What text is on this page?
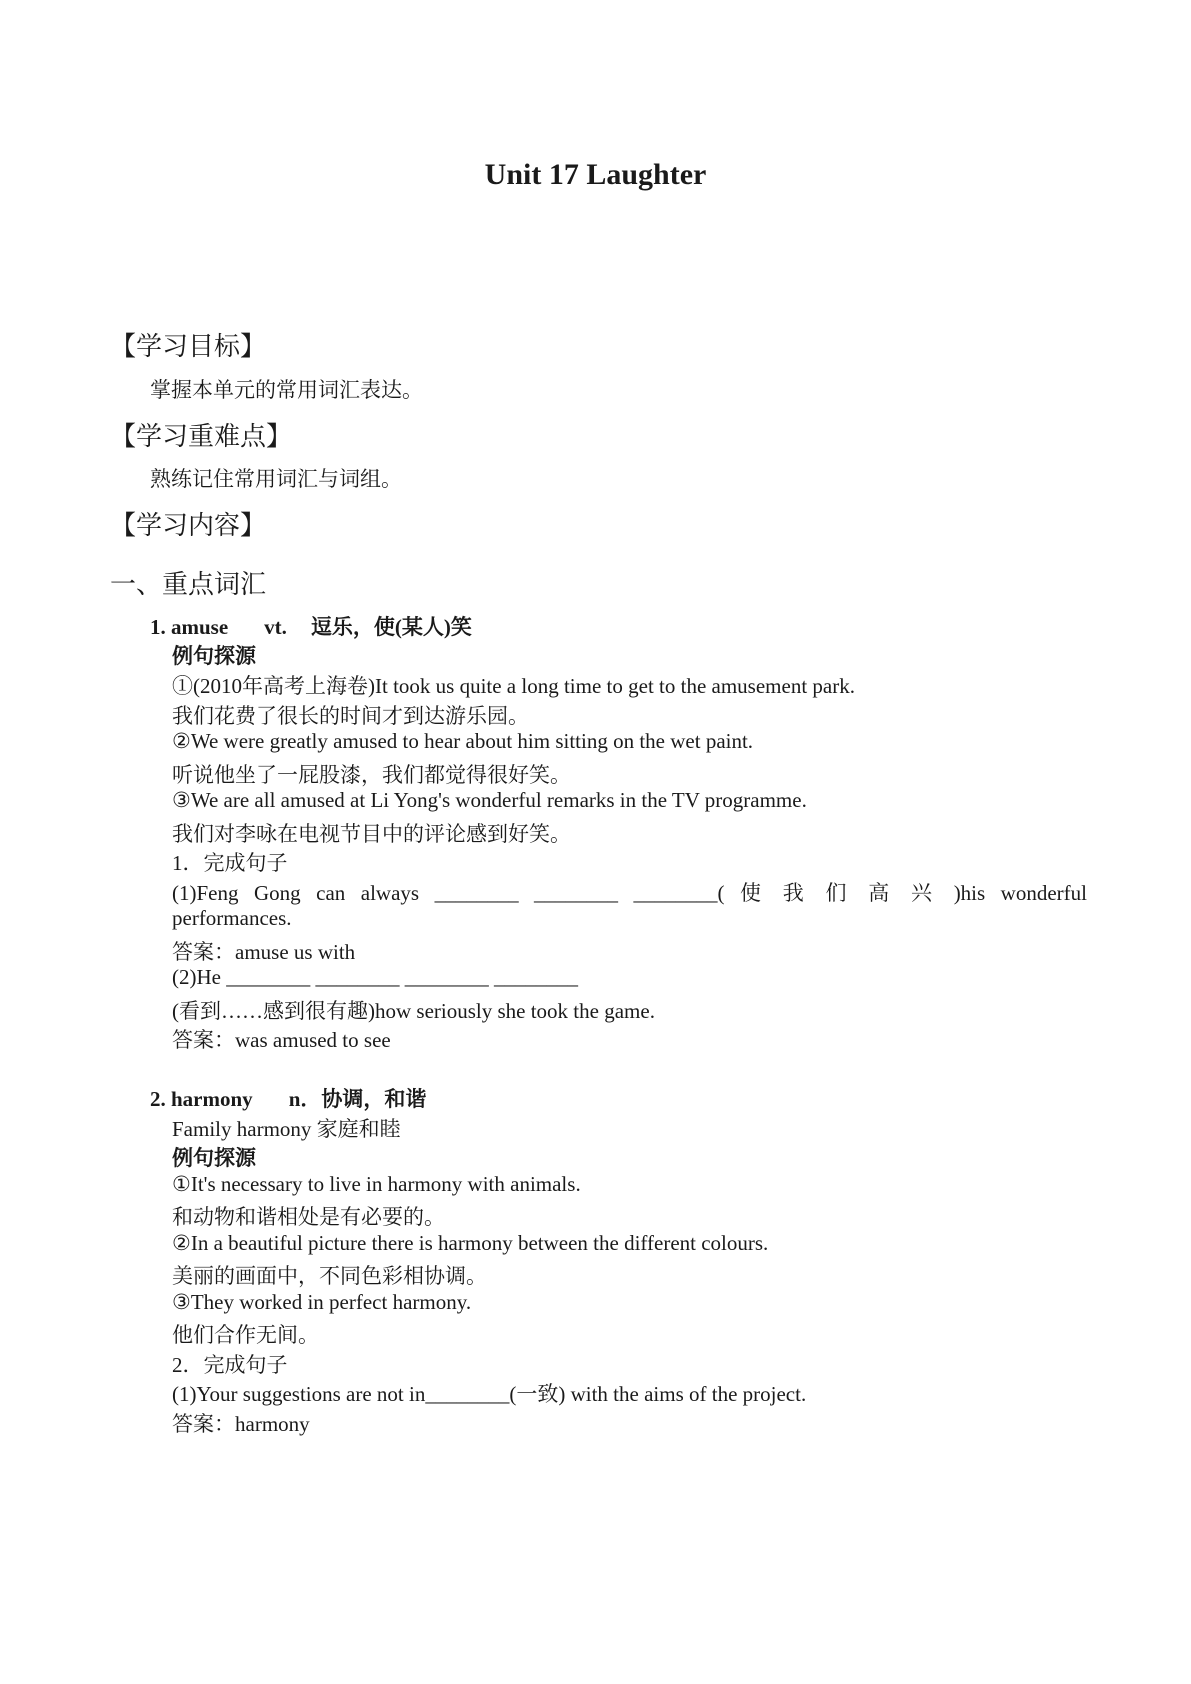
Unit 17 Laughter
【学习目标】
掌握本单元的常用词汇表达。
【学习重难点】
熟练记住常用词汇与词组。
【学习内容】
一、重点词汇
1. amuse vt. 逗乐，使(某人)笑
例句探源
①(2010年高考上海卷)It took us quite a long time to get to the amusement park.
我们花费了很长的时间才到达游乐园。
②We were greatly amused to hear about him sitting on the wet paint.
听说他坐了一屁股漆，我们都觉得很好笑。
③We are all amused at Li Yong's wonderful remarks in the TV programme.
我们对李咏在电视节目中的评论感到好笑。
1．完成句子
(1)Feng Gong can always ________ ________ ________( 使 我 们 高 兴 )his wonderful
performances.
答案：amuse us with
(2)He ________ ________ ________ ________
(看到……感到很有趣)how seriously she took the game.
答案：was amused to see
2. harmony n．协调，和谐
Family harmony 家庭和睦
例句探源
①It's necessary to live in harmony with animals.
和动物和谐相处是有必要的。
②In a beautiful picture there is harmony between the different colours.
美丽的画面中，不同色彩相协调。
③They worked in perfect harmony.
他们合作无间。
2．完成句子
(1)Your suggestions are not in________(一致) with the aims of the project.
答案：harmony
